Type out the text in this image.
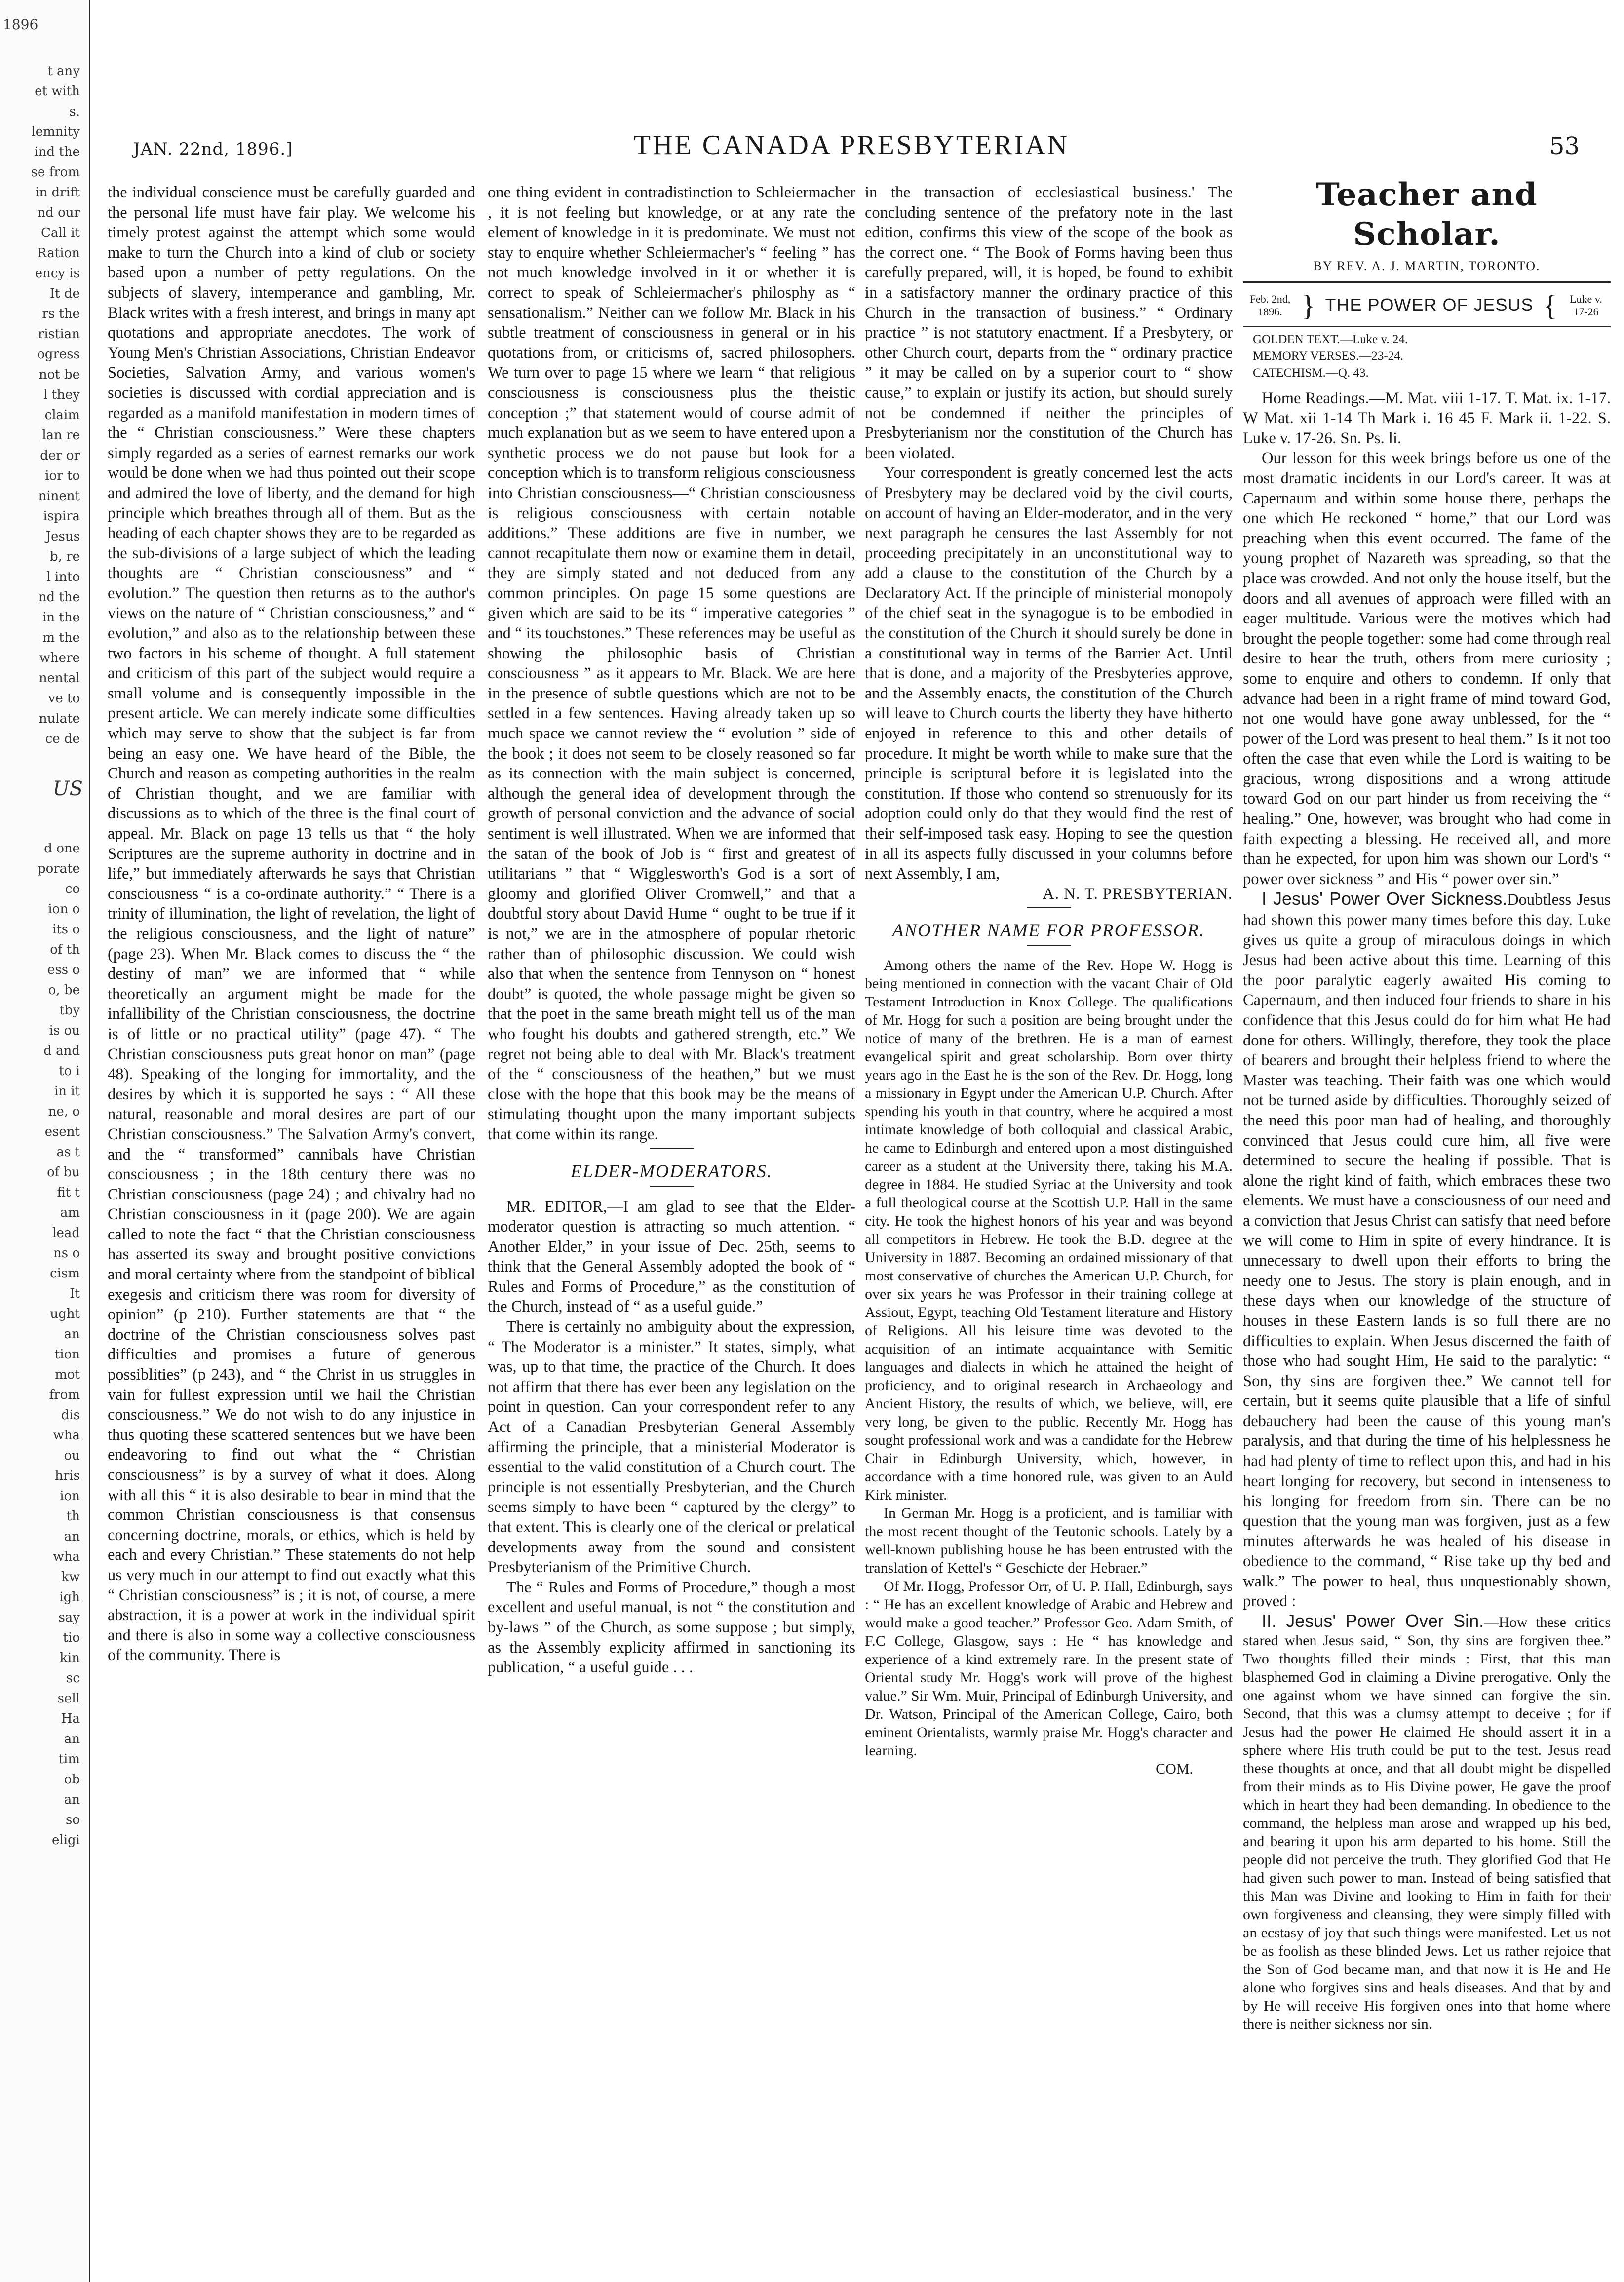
1896
t any
et with
s.
lemnity
ind the
se from
in drift
nd our
Call it
Ration
ency is
It de
rs the
ristian
ogress
not be
l they
claim
lan re
der or
ior to
ninent
ispira
Jesus
b, re
l into
nd the
in the
m the
where
nental
ve to
nulate
ce de
US
d one
porate
co
ion o
its o
of th
ess o
o, be
tby
is ou
d and
to i
in it
ne, o
esent
as t
of bu
fit t
am
lead
ns o
cism
It
ught
an
tion
mot
from
dis
wha
ou
hris
ion
th
an
wha
kw
igh
say
tio
kin
sc
sell
Ha
an
tim
ob
an
so
eligi
JAN. 22nd, 1896.]	THE CANADA PRESBYTERIAN	53

the individual conscience must be carefully guarded and the personal life must have fair play. We welcome his timely protest against the attempt which some would make to turn the Church into a kind of club or society based upon a number of petty regulations. On the subjects of slavery, intemperance and gambling, Mr. Black writes with a fresh interest, and brings in many apt quotations and appropriate anecdotes. The work of Young Men's Christian Associations, Christian Endeavor Societies, Salvation Army, and various women's societies is discussed with cordial appreciation and is regarded as a manifold manifestation in modern times of the “ Christian consciousness.” Were these chapters simply regarded as a series of earnest remarks our work would be done when we had thus pointed out their scope and admired the love of liberty, and the demand for high principle which breathes through all of them. But as the heading of each chapter shows they are to be regarded as the sub-divisions of a large subject of which the leading thoughts are “ Christian consciousness” and “ evolution.” The question then returns as to the author's views on the nature of “ Christian consciousness,” and “ evolution,” and also as to the relationship between these two factors in his scheme of thought. A full statement and criticism of this part of the subject would require a small volume and is consequently impossible in the present article. We can merely indicate some difficulties which may serve to show that the subject is far from being an easy one. We have heard of the Bible, the Church and reason as competing authorities in the realm of Christian thought, and we are familiar with discussions as to which of the three is the final court of appeal. Mr. Black on page 13 tells us that “ the holy Scriptures are the supreme authority in doctrine and in life,” but immediately afterwards he says that Christian consciousness “ is a co-ordinate authority.” “ There is a trinity of illumination, the light of revelation, the light of the religious consciousness, and the light of nature” (page 23). When Mr. Black comes to discuss the “ the destiny of man” we are informed that “ while theoretically an argument might be made for the infallibility of the Christian consciousness, the doctrine is of little or no practical utility” (page 47). “ The Christian consciousness puts great honor on man” (page 48). Speaking of the longing for immortality, and the desires by which it is supported he says : “ All these natural, reasonable and moral desires are part of our Christian consciousness.” The Salvation Army's convert, and the “ transformed” cannibals have Christian consciousness ; in the 18th century there was no Christian consciousness (page 24) ; and chivalry had no Christian consciousness in it (page 200). We are again called to note the fact “ that the Christian consciousness has asserted its sway and brought positive convictions and moral certainty where from the standpoint of biblical exegesis and criticism there was room for diversity of opinion” (p 210). Further statements are that “ the doctrine of the Christian consciousness solves past difficulties and promises a future of generous possiblities” (p 243), and “ the Christ in us struggles in vain for fullest expression until we hail the Christian consciousness.” We do not wish to do any injustice in thus quoting these scattered sentences but we have been endeavoring to find out what the “ Christian consciousness” is by a survey of what it does. Along with all this “ it is also desirable to bear in mind that the common Christian consciousness is that consensus concerning doctrine, morals, or ethics, which is held by each and every Christian.” These statements do not help us very much in our attempt to find out exactly what this “ Christian consciousness” is ; it is not, of course, a mere abstraction, it is a power at work in the individual spirit and there is also in some way a collective consciousness of the community. There is

one thing evident in contradistinction to Schleiermacher , it is not feeling but knowledge, or at any rate the element of knowledge in it is predominate. We must not stay to enquire whether Schleiermacher's “ feeling ” has not much knowledge involved in it or whether it is correct to speak of Schleiermacher's philosphy as “ sensationalism.” Neither can we follow Mr. Black in his subtle treatment of consciousness in general or in his quotations from, or criticisms of, sacred philosophers. We turn over to page 15 where we learn “ that religious consciousness is consciousness plus the theistic conception ;” that statement would of course admit of much explanation but as we seem to have entered upon a synthetic process we do not pause but look for a conception which is to transform religious consciousness into Christian consciousness—“ Christian consciousness is religious consciousness with certain notable additions.” These additions are five in number, we cannot recapitulate them now or examine them in detail, they are simply stated and not deduced from any common principles. On page 15 some questions are given which are said to be its “ imperative categories ” and “ its touchstones.” These references may be useful as showing the philosophic basis of Christian consciousness ” as it appears to Mr. Black. We are here in the presence of subtle questions which are not to be settled in a few sentences. Having already taken up so much space we cannot review the “ evolution ” side of the book ; it does not seem to be closely reasoned so far as its connection with the main subject is concerned, although the general idea of development through the growth of personal conviction and the advance of social sentiment is well illustrated. When we are informed that the satan of the book of Job is “ first and greatest of utilitarians ” that “ Wigglesworth's God is a sort of gloomy and glorified Oliver Cromwell,” and that a doubtful story about David Hume “ ought to be true if it is not,” we are in the atmosphere of popular rhetoric rather than of philosophic discussion. We could wish also that when the sentence from Tennyson on “ honest doubt” is quoted, the whole passage might be given so that the poet in the same breath might tell us of the man who fought his doubts and gathered strength, etc.” We regret not being able to deal with Mr. Black's treatment of the “ consciousness of the heathen,” but we must close with the hope that this book may be the means of stimulating thought upon the many important subjects that come within its range.

ELDER-MODERATORS.

MR. EDITOR,—I am glad to see that the Elder-moderator question is attracting so much attention. “ Another Elder,” in your issue of Dec. 25th, seems to think that the General Assembly adopted the book of “ Rules and Forms of Procedure,” as the constitution of the Church, instead of “ as a useful guide.”

There is certainly no ambiguity about the expression, “ The Moderator is a minister.” It states, simply, what was, up to that time, the practice of the Church. It does not affirm that there has ever been any legislation on the point in question. Can your correspondent refer to any Act of a Canadian Presbyterian General Assembly affirming the principle, that a ministerial Moderator is essential to the valid constitution of a Church court. The principle is not essentially Presbyterian, and the Church seems simply to have been “ captured by the clergy” to that extent. This is clearly one of the clerical or prelatical developments away from the sound and consistent Presbyterianism of the Primitive Church.

The “ Rules and Forms of Procedure,” though a most excellent and useful manual, is not “ the constitution and by-laws ” of the Church, as some suppose ; but simply, as the Assembly explicity affirmed in sanctioning its publication, “ a useful guide . . .

in the transaction of ecclesiastical business.' The concluding sentence of the prefatory note in the last edition, confirms this view of the scope of the book as the correct one. “ The Book of Forms having been thus carefully prepared, will, it is hoped, be found to exhibit in a satisfactory manner the ordinary practice of this Church in the transaction of business.” “ Ordinary practice ” is not statutory enactment. If a Presbytery, or other Church court, departs from the “ ordinary practice ” it may be called on by a superior court to “ show cause,” to explain or justify its action, but should surely not be condemned if neither the principles of Presbyterianism nor the constitution of the Church has been violated.

Your correspondent is greatly concerned lest the acts of Presbytery may be declared void by the civil courts, on account of having an Elder-moderator, and in the very next paragraph he censures the last Assembly for not proceeding precipitately in an unconstitutional way to add a clause to the constitution of the Church by a Declaratory Act. If the principle of ministerial monopoly of the chief seat in the synagogue is to be embodied in the constitution of the Church it should surely be done in a constitutional way in terms of the Barrier Act. Until that is done, and a majority of the Presbyteries approve, and the Assembly enacts, the constitution of the Church will leave to Church courts the liberty they have hitherto enjoyed in reference to this and other details of procedure. It might be worth while to make sure that the principle is scriptural before it is legislated into the constitution. If those who contend so strenuously for its adoption could only do that they would find the rest of their self-imposed task easy. Hoping to see the question in all its aspects fully discussed in your columns before next Assembly, I am,

A. N. T. PRESBYTERIAN.

ANOTHER NAME FOR PROFESSOR.

Among others the name of the Rev. Hope W. Hogg is being mentioned in connection with the vacant Chair of Old Testament Introduction in Knox College. The qualifications of Mr. Hogg for such a position are being brought under the notice of many of the brethren. He is a man of earnest evangelical spirit and great scholarship. Born over thirty years ago in the East he is the son of the Rev. Dr. Hogg, long a missionary in Egypt under the American U.P. Church. After spending his youth in that country, where he acquired a most intimate knowledge of both colloquial and classical Arabic, he came to Edinburgh and entered upon a most distinguished career as a student at the University there, taking his M.A. degree in 1884. He studied Syriac at the University and took a full theological course at the Scottish U.P. Hall in the same city. He took the highest honors of his year and was beyond all competitors in Hebrew. He took the B.D. degree at the University in 1887. Becoming an ordained missionary of that most conservative of churches the American U.P. Church, for over six years he was Professor in their training college at Assiout, Egypt, teaching Old Testament literature and History of Religions. All his leisure time was devoted to the acquisition of an intimate acquaintance with Semitic languages and dialects in which he attained the height of proficiency, and to original research in Archaeology and Ancient History, the results of which, we believe, will, ere very long, be given to the public. Recently Mr. Hogg has sought professional work and was a candidate for the Hebrew Chair in Edinburgh University, which, however, in accordance with a time honored rule, was given to an Auld Kirk minister.

In German Mr. Hogg is a proficient, and is familiar with the most recent thought of the Teutonic schools. Lately by a well-known publishing house he has been entrusted with the translation of Kettel's “ Geschicte der Hebraer.”

Of Mr. Hogg, Professor Orr, of U. P. Hall, Edinburgh, says : “ He has an excellent knowledge of Arabic and Hebrew and would make a good teacher.” Professor Geo. Adam Smith, of F.C College, Glasgow, says : He “ has knowledge and experience of a kind extremely rare. In the present state of Oriental study Mr. Hogg's work will prove of the highest value.” Sir Wm. Muir, Principal of Edinburgh University, and Dr. Watson, Principal of the American College, Cairo, both eminent Orientalists, warmly praise Mr. Hogg's character and learning.

COM.

Teacher and Scholar.
BY REV. A. J. MARTIN, TORONTO.
Feb. 2nd, 1896. } THE POWER OF JESUS {	Luke v. 17-26

GOLDEN TEXT.—Luke v. 24.

MEMORY VERSES.—23-24.

CATECHISM.—Q. 43.

Home Readings.—M. Mat. viii 1-17. T. Mat. ix. 1-17. W Mat. xii 1-14 Th Mark i. 16 45 F. Mark ii. 1-22. S. Luke v. 17-26. Sn. Ps. li.

Our lesson for this week brings before us one of the most dramatic incidents in our Lord's career. It was at Capernaum and within some house there, perhaps the one which He reckoned “ home,” that our Lord was preaching when this event occurred. The fame of the young prophet of Nazareth was spreading, so that the place was crowded. And not only the house itself, but the doors and all avenues of approach were filled with an eager multitude. Various were the motives which had brought the people together: some had come through real desire to hear the truth, others from mere curiosity ; some to enquire and others to condemn. If only that advance had been in a right frame of mind toward God, not one would have gone away unblessed, for the “ power of the Lord was present to heal them.” Is it not too often the case that even while the Lord is waiting to be gracious, wrong dispositions and a wrong attitude toward God on our part hinder us from receiving the “ healing.” One, however, was brought who had come in faith expecting a blessing. He received all, and more than he expected, for upon him was shown our Lord's “ power over sickness ” and His “ power over sin.”

I Jesus' Power Over Sickness.Doubtless Jesus had shown this power many times before this day. Luke gives us quite a group of miraculous doings in which Jesus had been active about this time. Learning of this the poor paralytic eagerly awaited His coming to Capernaum, and then induced four friends to share in his confidence that this Jesus could do for him what He had done for others. Willingly, therefore, they took the place of bearers and brought their helpless friend to where the Master was teaching. Their faith was one which would not be turned aside by difficulties. Thoroughly seized of the need this poor man had of healing, and thoroughly convinced that Jesus could cure him, all five were determined to secure the healing if possible. That is alone the right kind of faith, which embraces these two elements. We must have a consciousness of our need and a conviction that Jesus Christ can satisfy that need before we will come to Him in spite of every hindrance. It is unnecessary to dwell upon their efforts to bring the needy one to Jesus. The story is plain enough, and in these days when our knowledge of the structure of houses in these Eastern lands is so full there are no difficulties to explain. When Jesus discerned the faith of those who had sought Him, He said to the paralytic: “ Son, thy sins are forgiven thee.” We cannot tell for certain, but it seems quite plausible that a life of sinful debauchery had been the cause of this young man's paralysis, and that during the time of his helplessness he had had plenty of time to reflect upon this, and had in his heart longing for recovery, but second in intenseness to his longing for freedom from sin. There can be no question that the young man was forgiven, just as a few minutes afterwards he was healed of his disease in obedience to the command, “ Rise take up thy bed and walk.” The power to heal, thus unquestionably shown, proved :

II. Jesus' Power Over Sin.—How these critics stared when Jesus said, “ Son, thy sins are forgiven thee.” Two thoughts filled their minds : First, that this man blasphemed God in claiming a Divine prerogative. Only the one against whom we have sinned can forgive the sin. Second, that this was a clumsy attempt to deceive ; for if Jesus had the power He claimed He should assert it in a sphere where His truth could be put to the test. Jesus read these thoughts at once, and that all doubt might be dispelled from their minds as to His Divine power, He gave the proof which in heart they had been demanding. In obedience to the command, the helpless man arose and wrapped up his bed, and bearing it upon his arm departed to his home. Still the people did not perceive the truth. They glorified God that He had given such power to man. Instead of being satisfied that this Man was Divine and looking to Him in faith for their own forgiveness and cleansing, they were simply filled with an ecstasy of joy that such things were manifested. Let us not be as foolish as these blinded Jews. Let us rather rejoice that the Son of God became man, and that now it is He and He alone who forgives sins and heals diseases. And that by and by He will receive His forgiven ones into that home where there is neither sickness nor sin.
